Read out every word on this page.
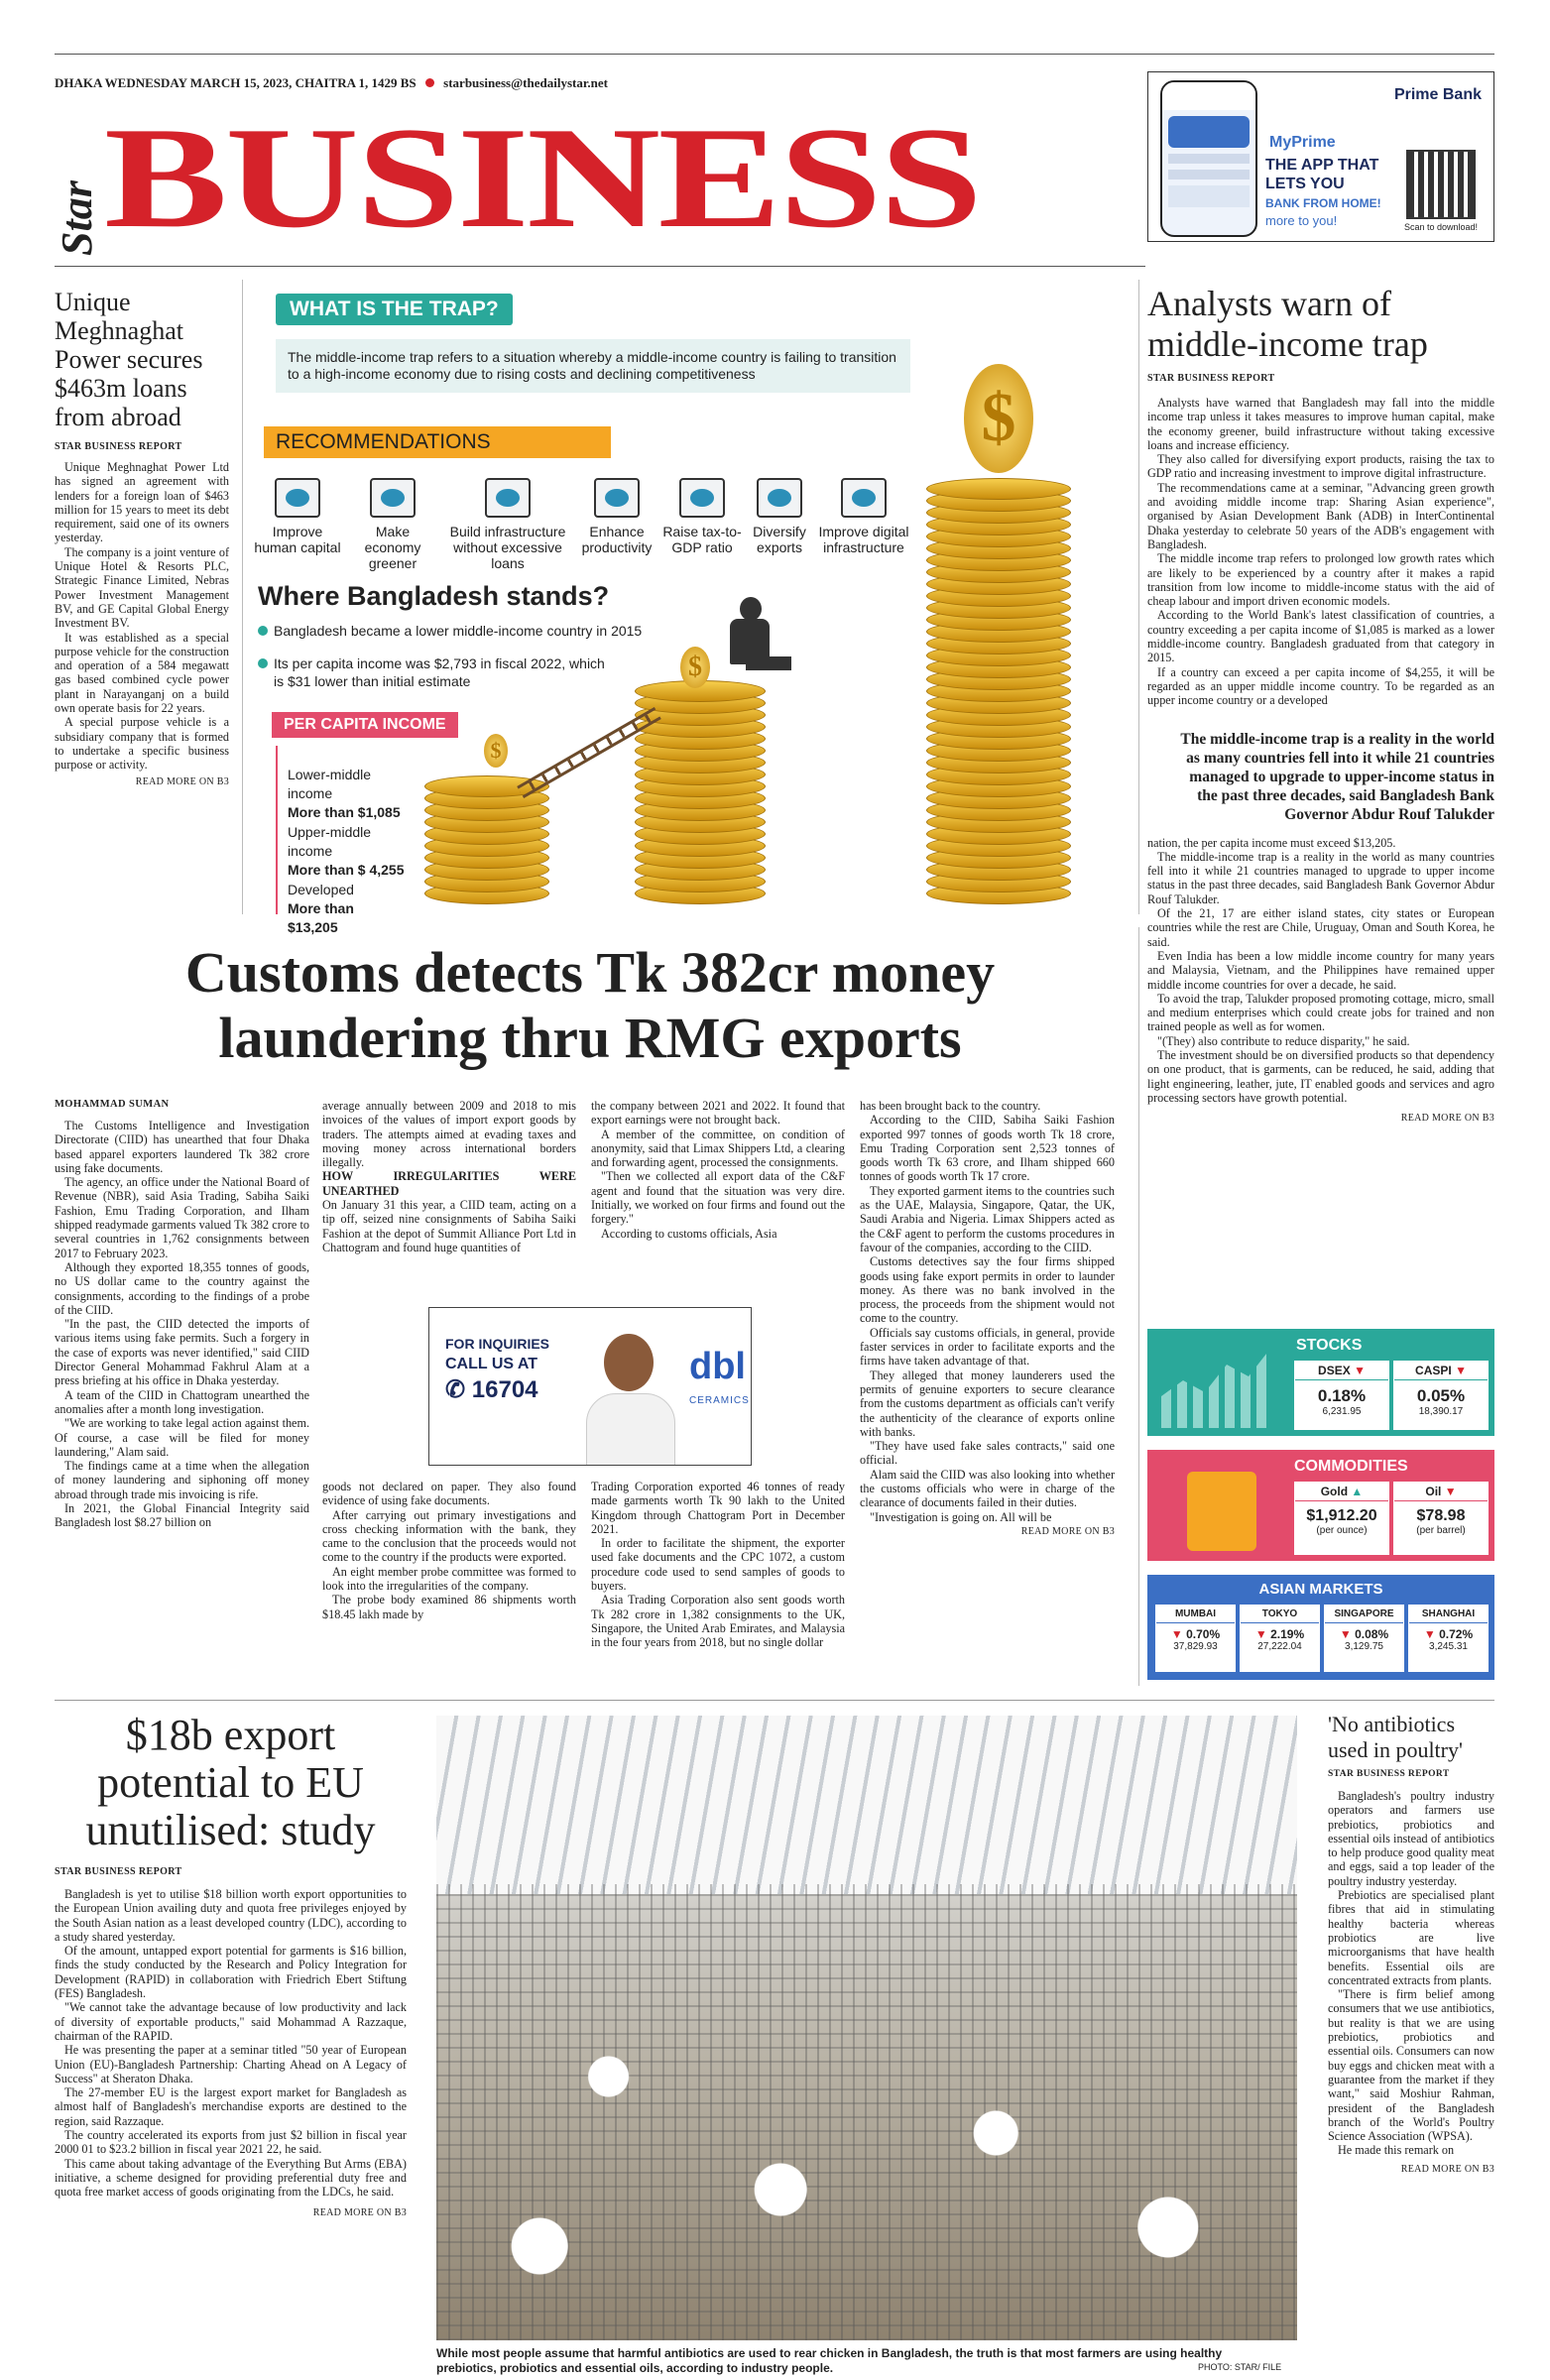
DHAKA WEDNESDAY MARCH 15, 2023, CHAITRA 1, 1429 BS starbusiness@thedailystar.net
Star BUSINESS
Prime Bank
MyPrime
THE APP THAT
LETS YOU
BANK FROM HOME!
more to you!	Scan to download!
Unique Meghnaghat Power secures $463m loans from abroad
STAR BUSINESS REPORT

Unique Meghnaghat Power Ltd has signed an agreement with lenders for a foreign loan of $463 million for 15 years to meet its debt requirement, said one of its owners yesterday.

The company is a joint venture of Unique Hotel & Resorts PLC, Strategic Finance Limited, Nebras Power Investment Management BV, and GE Capital Global Energy Investment BV.

It was established as a special purpose vehicle for the construction and operation of a 584 megawatt gas based combined cycle power plant in Narayanganj on a build own operate basis for 22 years.

A special purpose vehicle is a subsidiary company that is formed to undertake a specific business purpose or activity.

READ MORE ON B3
WHAT IS THE TRAP?
The middle-income trap refers to a situation whereby a middle-income country is failing to transition to a high-income economy due to rising costs and declining competitiveness
RECOMMENDATIONS
Improve human capital
Make economy greener
Build infrastructure without excessive loans
Enhance productivity
Raise tax-to-GDP ratio
Diversify exports
Improve digital infrastructure
Where Bangladesh stands?
Bangladesh became a lower middle-income country in 2015
Its per capita income was $2,793 in fiscal 2022, which is $31 lower than initial estimate
PER CAPITA INCOME
Lower-middle income
More than $1,085
Upper-middle income
More than $ 4,255
Developed
More than $13,205
$
$
$
Analysts warn of middle-income trap
STAR BUSINESS REPORT

Analysts have warned that Bangladesh may fall into the middle income trap unless it takes measures to improve human capital, make the economy greener, build infrastructure without taking excessive loans and increase efficiency.

They also called for diversifying export products, raising the tax to GDP ratio and increasing investment to improve digital infrastructure.

The recommendations came at a seminar, "Advancing green growth and avoiding middle income trap: Sharing Asian experience", organised by Asian Development Bank (ADB) in InterContinental Dhaka yesterday to celebrate 50 years of the ADB's engagement with Bangladesh.

The middle income trap refers to prolonged low growth rates which are likely to be experienced by a country after it makes a rapid transition from low income to middle-income status with the aid of cheap labour and import driven economic models.

According to the World Bank's latest classification of countries, a country exceeding a per capita income of $1,085 is marked as a lower middle-income country. Bangladesh graduated from that category in 2015.

If a country can exceed a per capita income of $4,255, it will be regarded as an upper middle income country. To be regarded as an upper income country or a developed

The middle-income trap is a reality in the world as many countries fell into it while 21 countries managed to upgrade to upper-income status in the past three decades, said Bangladesh Bank Governor Abdur Rouf Talukder

nation, the per capita income must exceed $13,205.

The middle-income trap is a reality in the world as many countries fell into it while 21 countries managed to upgrade to upper income status in the past three decades, said Bangladesh Bank Governor Abdur Rouf Talukder.

Of the 21, 17 are either island states, city states or European countries while the rest are Chile, Uruguay, Oman and South Korea, he said.

Even India has been a low middle income country for many years and Malaysia, Vietnam, and the Philippines have remained upper middle income countries for over a decade, he said.

To avoid the trap, Talukder proposed promoting cottage, micro, small and medium enterprises which could create jobs for trained and non trained people as well as for women.

"(They) also contribute to reduce disparity," he said.

The investment should be on diversified products so that dependency on one product, that is garments, can be reduced, he said, adding that light engineering, leather, jute, IT enabled goods and services and agro processing sectors have growth potential.

READ MORE ON B3
Customs detects Tk 382cr money
laundering thru RMG exports
MOHAMMAD SUMAN

The Customs Intelligence and Investigation Directorate (CIID) has unearthed that four Dhaka based apparel exporters laundered Tk 382 crore using fake documents.

The agency, an office under the National Board of Revenue (NBR), said Asia Trading, Sabiha Saiki Fashion, Emu Trading Corporation, and Ilham shipped readymade garments valued Tk 382 crore to several countries in 1,762 consignments between 2017 to February 2023.

Although they exported 18,355 tonnes of goods, no US dollar came to the country against the consignments, according to the findings of a probe of the CIID.

"In the past, the CIID detected the imports of various items using fake permits. Such a forgery in the case of exports was never identified," said CIID Director General Mohammad Fakhrul Alam at a press briefing at his office in Dhaka yesterday.

A team of the CIID in Chattogram unearthed the anomalies after a month long investigation.

"We are working to take legal action against them. Of course, a case will be filed for money laundering," Alam said.

The findings came at a time when the allegation of money laundering and siphoning off money abroad through trade mis invoicing is rife.

In 2021, the Global Financial Integrity said Bangladesh lost $8.27 billion on

average annually between 2009 and 2018 to mis invoices of the values of import export goods by traders. The attempts aimed at evading taxes and moving money across international borders illegally.

HOW IRREGULARITIES WERE UNEARTHED

On January 31 this year, a CIID team, acting on a tip off, seized nine consignments of Sabiha Saiki Fashion at the depot of Summit Alliance Port Ltd in Chattogram and found huge quantities of

the company between 2021 and 2022. It found that export earnings were not brought back.

A member of the committee, on condition of anonymity, said that Limax Shippers Ltd, a clearing and forwarding agent, processed the consignments.

"Then we collected all export data of the C&F agent and found that the situation was very dire. Initially, we worked on four firms and found out the forgery."

According to customs officials, Asia

FOR INQUIRIES
CALL US AT
✆ 16704
dbl
CERAMICS

goods not declared on paper. They also found evidence of using fake documents.

After carrying out primary investigations and cross checking information with the bank, they came to the conclusion that the proceeds would not come to the country if the products were exported.

An eight member probe committee was formed to look into the irregularities of the company.

The probe body examined 86 shipments worth $18.45 lakh made by

Trading Corporation exported 46 tonnes of ready made garments worth Tk 90 lakh to the United Kingdom through Chattogram Port in December 2021.

In order to facilitate the shipment, the exporter used fake documents and the CPC 1072, a custom procedure code used to send samples of goods to buyers.

Asia Trading Corporation also sent goods worth Tk 282 crore in 1,382 consignments to the UK, Singapore, the United Arab Emirates, and Malaysia in the four years from 2018, but no single dollar

has been brought back to the country.

According to the CIID, Sabiha Saiki Fashion exported 997 tonnes of goods worth Tk 18 crore, Emu Trading Corporation sent 2,523 tonnes of goods worth Tk 63 crore, and Ilham shipped 660 tonnes of goods worth Tk 17 crore.

They exported garment items to the countries such as the UAE, Malaysia, Singapore, Qatar, the UK, Saudi Arabia and Nigeria. Limax Shippers acted as the C&F agent to perform the customs procedures in favour of the companies, according to the CIID.

Customs detectives say the four firms shipped goods using fake export permits in order to launder money. As there was no bank involved in the process, the proceeds from the shipment would not come to the country.

Officials say customs officials, in general, provide faster services in order to facilitate exports and the firms have taken advantage of that.

They alleged that money launderers used the permits of genuine exporters to secure clearance from the customs department as officials can't verify the authenticity of the clearance of exports online with banks.

"They have used fake sales contracts," said one official.

Alam said the CIID was also looking into whether the customs officials who were in charge of the clearance of documents failed in their duties.

"Investigation is going on. All will be

READ MORE ON B3
STOCKS
DSEX ▼
0.18%
6,231.95
CASPI ▼
0.05%
18,390.17
COMMODITIES
Gold ▲
$1,912.20
(per ounce)
Oil ▼
$78.98
(per barrel)
ASIAN MARKETS
MUMBAI
▼ 0.70%
37,829.93
TOKYO
▼ 2.19%
27,222.04
SINGAPORE
▼ 0.08%
3,129.75
SHANGHAI
▼ 0.72%
3,245.31
$18b export potential to EU unutilised: study
STAR BUSINESS REPORT

Bangladesh is yet to utilise $18 billion worth export opportunities to the European Union availing duty and quota free privileges enjoyed by the South Asian nation as a least developed country (LDC), according to a study shared yesterday.

Of the amount, untapped export potential for garments is $16 billion, finds the study conducted by the Research and Policy Integration for Development (RAPID) in collaboration with Friedrich Ebert Stiftung (FES) Bangladesh.

"We cannot take the advantage because of low productivity and lack of diversity of exportable products," said Mohammad A Razzaque, chairman of the RAPID.

He was presenting the paper at a seminar titled "50 year of European Union (EU)-Bangladesh Partnership: Charting Ahead on A Legacy of Success" at Sheraton Dhaka.

The 27-member EU is the largest export market for Bangladesh as almost half of Bangladesh's merchandise exports are destined to the region, said Razzaque.

The country accelerated its exports from just $2 billion in fiscal year 2000 01 to $23.2 billion in fiscal year 2021 22, he said.

This came about taking advantage of the Everything But Arms (EBA) initiative, a scheme designed for providing preferential duty free and quota free market access of goods originating from the LDCs, he said.

READ MORE ON B3
While most people assume that harmful antibiotics are used to rear chicken in Bangladesh, the truth is that most farmers are using healthy prebiotics, probiotics and essential oils, according to industry people.	PHOTO: STAR/ FILE
'No antibiotics used in poultry'
STAR BUSINESS REPORT

Bangladesh's poultry industry operators and farmers use prebiotics, probiotics and essential oils instead of antibiotics to help produce good quality meat and eggs, said a top leader of the poultry industry yesterday.

Prebiotics are specialised plant fibres that aid in stimulating healthy bacteria whereas probiotics are live microorganisms that have health benefits. Essential oils are concentrated extracts from plants.

"There is firm belief among consumers that we use antibiotics, but reality is that we are using prebiotics, probiotics and essential oils. Consumers can now buy eggs and chicken meat with a guarantee from the market if they want," said Moshiur Rahman, president of the Bangladesh branch of the World's Poultry Science Association (WPSA).

He made this remark on

READ MORE ON B3
